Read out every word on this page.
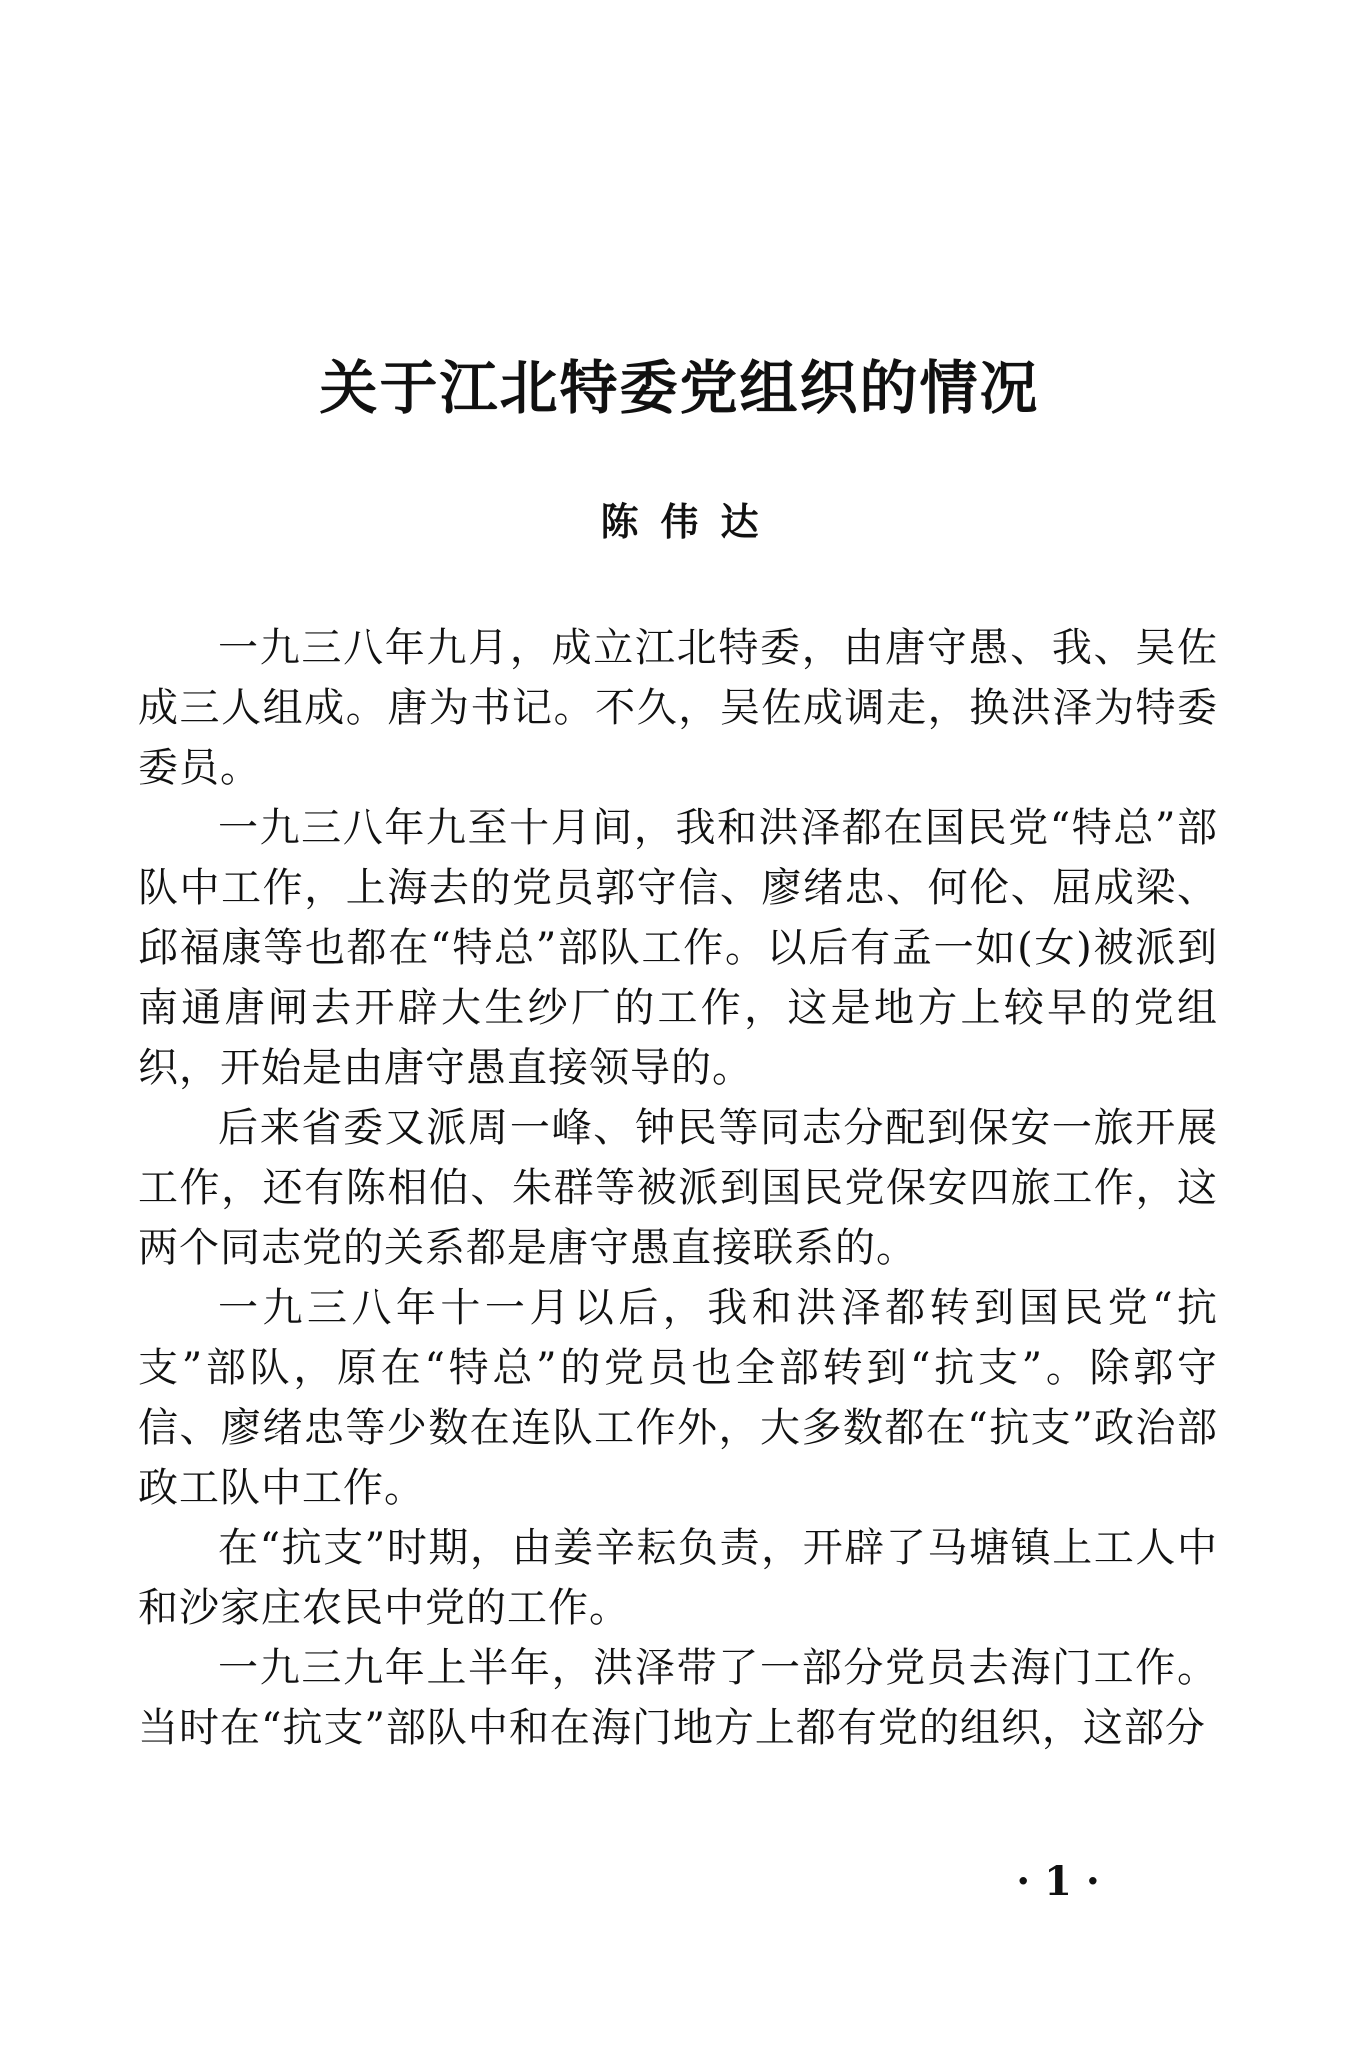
关于江北特委党组织的情况
陈伟达

一九三八年九月，成立江北特委，由唐守愚、我、吴佐成三人组成。唐为书记。不久，吴佐成调走，换洪泽为特委委员。

一九三八年九至十月间，我和洪泽都在国民党“特总”部队中工作，上海去的党员郭守信、廖绪忠、何伦、屈成梁、邱福康等也都在“特总”部队工作。以后有孟一如(女)被派到南通唐闸去开辟大生纱厂的工作，这是地方上较早的党组织，开始是由唐守愚直接领导的。

后来省委又派周一峰、钟民等同志分配到保安一旅开展工作，还有陈相伯、朱群等被派到国民党保安四旅工作，这两个同志党的关系都是唐守愚直接联系的。

一九三八年十一月以后，我和洪泽都转到国民党“抗支”部队，原在“特总”的党员也全部转到“抗支”。除郭守信、廖绪忠等少数在连队工作外，大多数都在“抗支”政治部政工队中工作。

在“抗支”时期，由姜辛耘负责，开辟了马塘镇上工人中和沙家庄农民中党的工作。

一九三九年上半年，洪泽带了一部分党员去海门工作。当时在“抗支”部队中和在海门地方上都有党的组织，这部分

· 1 ·
